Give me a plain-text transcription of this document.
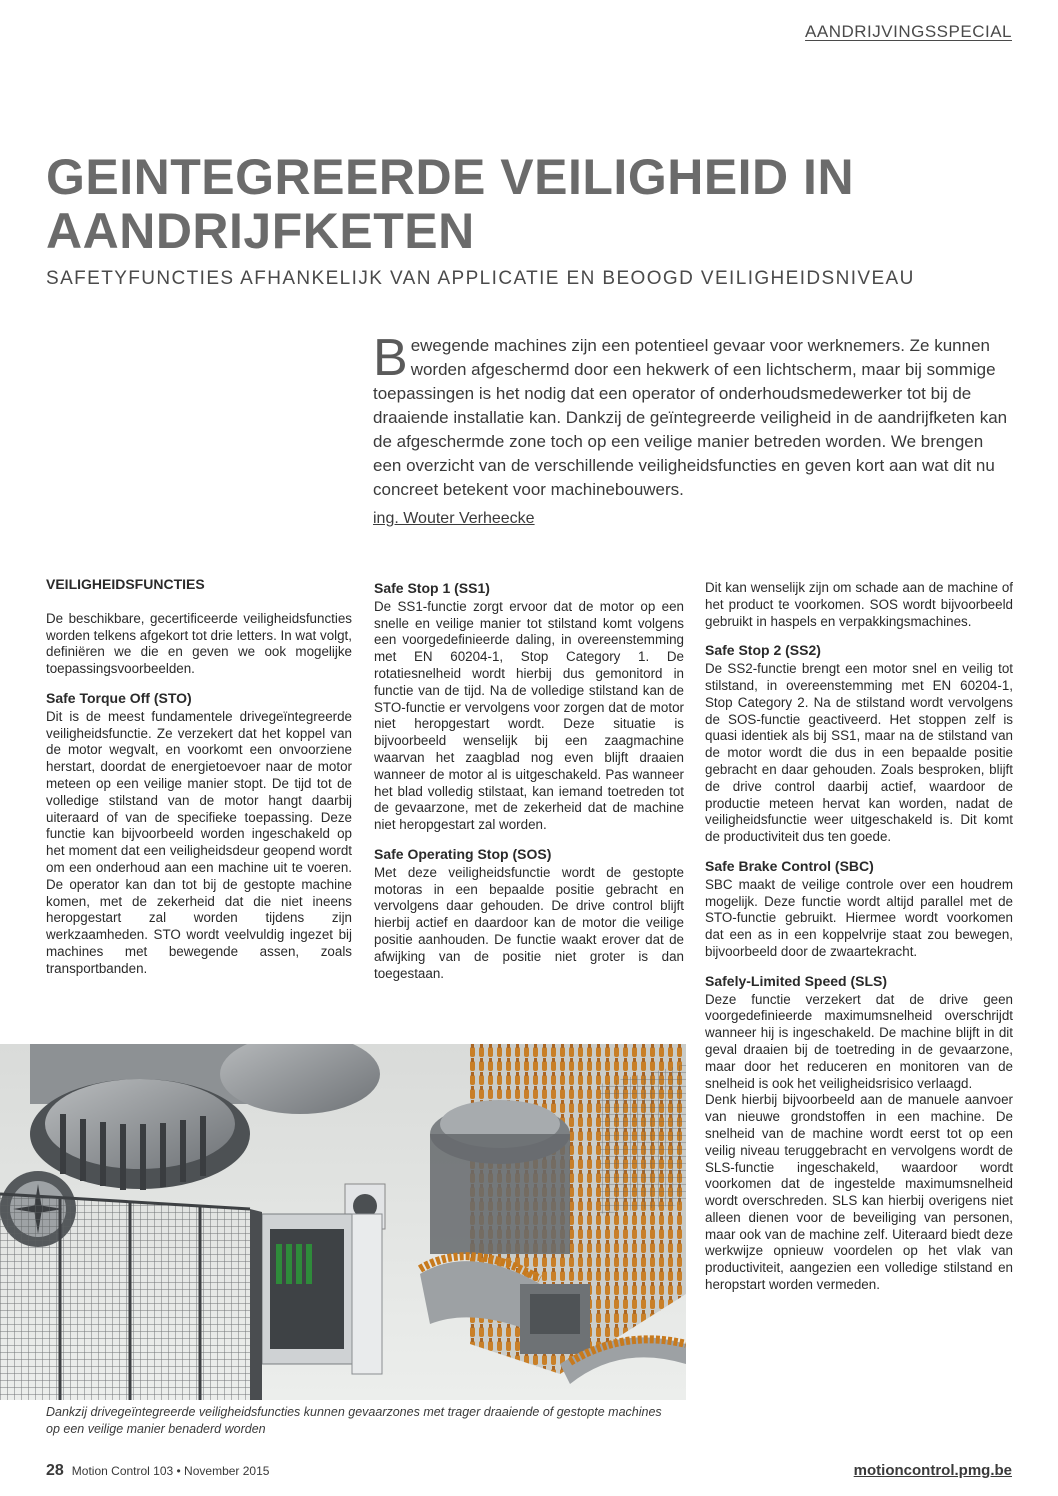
AANDRIJVINGSSPECIAL
GEINTEGREERDE VEILIGHEID IN AANDRIJFKETEN
SAFETYFUNCTIES AFHANKELIJK VAN APPLICATIE EN BEOOGD VEILIGHEIDSNIVEAU
Bewegende machines zijn een potentieel gevaar voor werknemers. Ze kunnen worden afgeschermd door een hekwerk of een lichtscherm, maar bij sommige toepassingen is het nodig dat een operator of onderhoudsmedewerker tot bij de draaiende installatie kan. Dankzij de geïntegreerde veiligheid in de aandrijfketen kan de afgeschermde zone toch op een veilige manier betreden worden. We brengen een overzicht van de verschillende veiligheidsfuncties en geven kort aan wat dit nu concreet betekent voor machinebouwers.
ing. Wouter Verheecke
VEILIGHEIDSFUNCTIES

De beschikbare, gecertificeerde veiligheidsfuncties worden telkens afgekort tot drie letters. In wat volgt, definiëren we die en geven we ook mogelijke toepassingsvoorbeelden.

Safe Torque Off (STO)

Dit is de meest fundamentele drivegeïntegreerde veiligheidsfunctie. Ze verzekert dat het koppel van de motor wegvalt, en voorkomt een onvoorziene herstart, doordat de energietoevoer naar de motor meteen op een veilige manier stopt. De tijd tot de volledige stilstand van de motor hangt daarbij uiteraard of van de specifieke toepassing. Deze functie kan bijvoorbeeld worden ingeschakeld op het moment dat een veiligheidsdeur geopend wordt om een onderhoud aan een machine uit te voeren. De operator kan dan tot bij de gestopte machine komen, met de zekerheid dat die niet ineens heropgestart zal worden tijdens zijn werkzaamheden. STO wordt veelvuldig ingezet bij machines met bewegende assen, zoals transportbanden.

Safe Stop 1 (SS1)

De SS1-functie zorgt ervoor dat de motor op een snelle en veilige manier tot stilstand komt volgens een voorgedefinieerde daling, in overeenstemming met EN 60204-1, Stop Category 1. De rotatiesnelheid wordt hierbij dus gemonitord in functie van de tijd. Na de volledige stilstand kan de STO-functie er vervolgens voor zorgen dat de motor niet heropgestart wordt. Deze situatie is bijvoorbeeld wenselijk bij een zaagmachine waarvan het zaagblad nog even blijft draaien wanneer de motor al is uitgeschakeld. Pas wanneer het blad volledig stilstaat, kan iemand toetreden tot de gevaarzone, met de zekerheid dat de machine niet heropgestart zal worden.

Safe Operating Stop (SOS)

Met deze veiligheidsfunctie wordt de gestopte motoras in een bepaalde positie gebracht en vervolgens daar gehouden. De drive control blijft hierbij actief en daardoor kan de motor die veilige positie aanhouden. De functie waakt erover dat de afwijking van de positie niet groter is dan toegestaan.

Dit kan wenselijk zijn om schade aan de machine of het product te voorkomen. SOS wordt bijvoorbeeld gebruikt in haspels en verpakkingsmachines.

Safe Stop 2 (SS2)

De SS2-functie brengt een motor snel en veilig tot stilstand, in overeenstemming met EN 60204-1, Stop Category 2. Na de stilstand wordt vervolgens de SOS-functie geactiveerd. Het stoppen zelf is quasi identiek als bij SS1, maar na de stilstand van de motor wordt die dus in een bepaalde positie gebracht en daar gehouden. Zoals besproken, blijft de drive control daarbij actief, waardoor de productie meteen hervat kan worden, nadat de veiligheidsfunctie weer uitgeschakeld is. Dit komt de productiviteit dus ten goede.

Safe Brake Control (SBC)

SBC maakt de veilige controle over een houdrem mogelijk. Deze functie wordt altijd parallel met de STO-functie gebruikt. Hiermee wordt voorkomen dat een as in een koppelvrije staat zou bewegen, bijvoorbeeld door de zwaartekracht.

Safely-Limited Speed (SLS)

Deze functie verzekert dat de drive geen voorgedefinieerde maximumsnelheid overschrijdt wanneer hij is ingeschakeld. De machine blijft in dit geval draaien bij de toetreding in de gevaarzone, maar door het reduceren en monitoren van de snelheid is ook het veiligheidsrisico verlaagd.

Denk hierbij bijvoorbeeld aan de manuele aanvoer van nieuwe grondstoffen in een machine. De snelheid van de machine wordt eerst tot op een veilig niveau teruggebracht en vervolgens wordt de SLS-functie ingeschakeld, waardoor wordt voorkomen dat de ingestelde maximumsnelheid wordt overschreden. SLS kan hierbij overigens niet alleen dienen voor de beveiliging van personen, maar ook van de machine zelf. Uiteraard biedt deze werkwijze opnieuw voordelen op het vlak van productiviteit, aangezien een volledige stilstand en heropstart worden vermeden.

Dankzij drivegeïntegreerde veiligheidsfuncties kunnen gevaarzones met trager draaiende of gestopte machines op een veilige manier benaderd worden
28 Motion Control 103 • November 2015	motioncontrol.pmg.be
